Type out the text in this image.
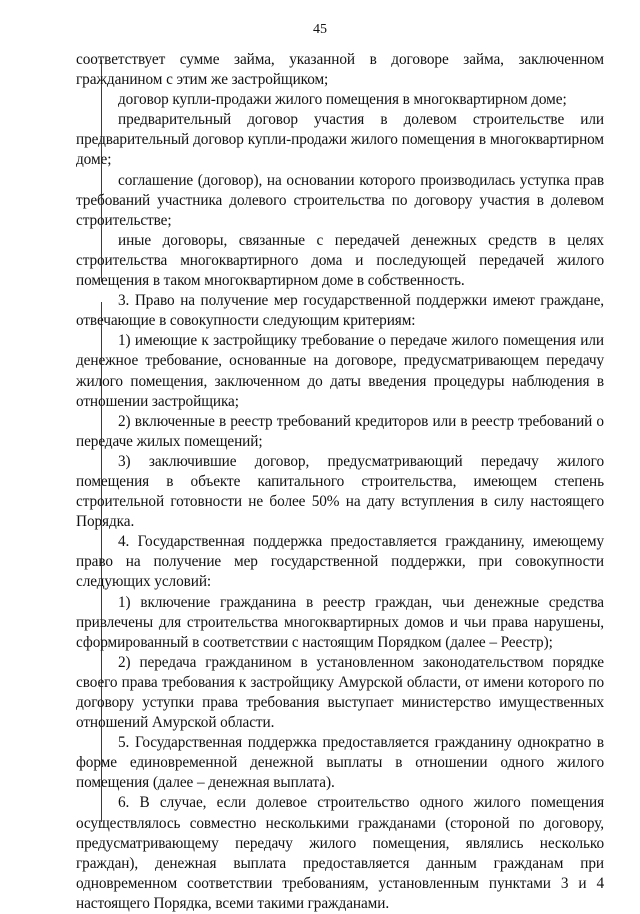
45

соответствует сумме займа, указанной в договоре займа, заключенном гражданином с этим же застройщиком;

договор купли-продажи жилого помещения в многоквартирном доме;

предварительный договор участия в долевом строительстве или предварительный договор купли-продажи жилого помещения в многоквартирном доме;

соглашение (договор), на основании которого производилась уступка прав требований участника долевого строительства по договору участия в долевом строительстве;

иные договоры, связанные с передачей денежных средств в целях строительства многоквартирного дома и последующей передачей жилого помещения в таком многоквартирном доме в собственность.

3. Право на получение мер государственной поддержки имеют граждане, отвечающие в совокупности следующим критериям:

1) имеющие к застройщику требование о передаче жилого помещения или денежное требование, основанные на договоре, предусматривающем передачу жилого помещения, заключенном до даты введения процедуры наблюдения в отношении застройщика;

2) включенные в реестр требований кредиторов или в реестр требований о передаче жилых помещений;

3) заключившие договор, предусматривающий передачу жилого помещения в объекте капитального строительства, имеющем степень строительной готовности не более 50% на дату вступления в силу настоящего Порядка.

4. Государственная поддержка предоставляется гражданину, имеющему право на получение мер государственной поддержки, при совокупности следующих условий:

1) включение гражданина в реестр граждан, чьи денежные средства привлечены для строительства многоквартирных домов и чьи права нарушены, сформированный в соответствии с настоящим Порядком (далее – Реестр);

2) передача гражданином в установленном законодательством порядке своего права требования к застройщику Амурской области, от имени которого по договору уступки права требования выступает министерство имущественных отношений Амурской области.

5. Государственная поддержка предоставляется гражданину однократно в форме единовременной денежной выплаты в отношении одного жилого помещения (далее – денежная выплата).

6. В случае, если долевое строительство одного жилого помещения осуществлялось совместно несколькими гражданами (стороной по договору, предусматривающему передачу жилого помещения, являлись несколько граждан), денежная выплата предоставляется данным гражданам при одновременном соответствии требованиям, установленным пунктами 3 и 4 настоящего Порядка, всеми такими гражданами.
